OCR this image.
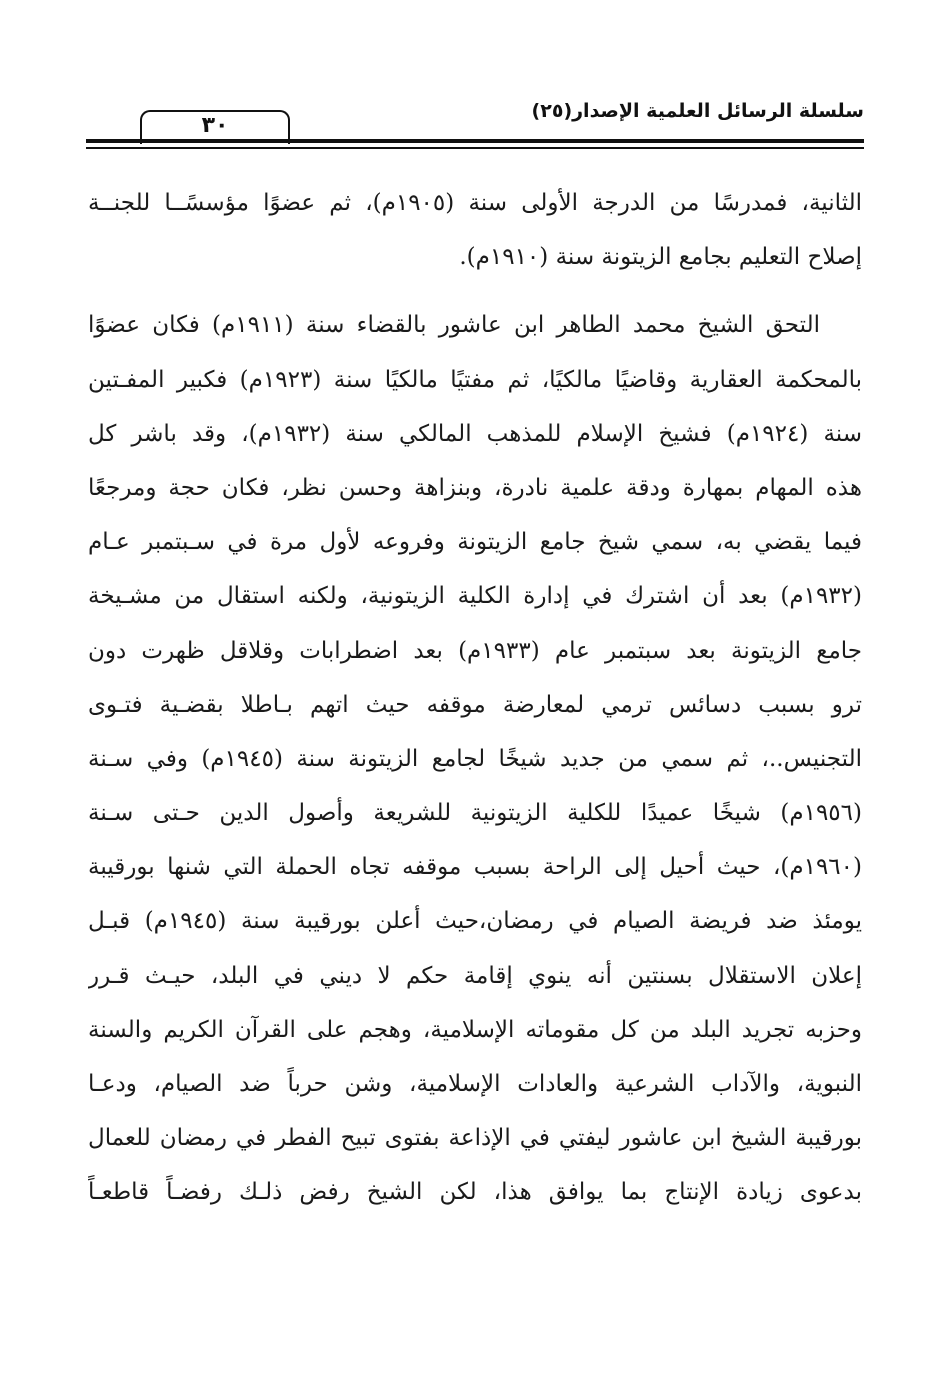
سلسلة الرسائل العلمية الإصدار(٢٥)
٣٠
الثانية، فمدرسًا من الدرجة الأولى سنة (١٩٠٥م)، ثم عضوًا مؤسسًــا للجنــة
إصلاح التعليم بجامع الزيتونة سنة (١٩١٠م).
التحق الشيخ محمد الطاهر ابن عاشور بالقضاء سنة (١٩١١م) فكان عضوًا
بالمحكمة العقارية وقاضيًا مالكيًا، ثم مفتيًا مالكيًا سنة (١٩٢٣م) فكبير المفـتين
سنة (١٩٢٤م) فشيخ الإسلام للمذهب المالكي سنة (١٩٣٢م)، وقد باشر كل
هذه المهام بمهارة ودقة علمية نادرة، وبنزاهة وحسن نظر، فكان حجة ومرجعًا
فيما يقضي به، سمي شيخ جامع الزيتونة وفروعه لأول مرة في سـبتمبر عـام
(١٩٣٢م) بعد أن اشترك في إدارة الكلية الزيتونية، ولكنه استقال من مشـيخة
جامع الزيتونة بعد سبتمبر عام (١٩٣٣م) بعد اضطرابات وقلاقل ظهرت دون
ترو بسبب دسائس ترمي لمعارضة موقفه حيث اتهم بـاطلا بقضـية فتـوى
التجنيس..، ثم سمي من جديد شيخًا لجامع الزيتونة سنة (١٩٤٥م) وفي سـنة
(١٩٥٦م) شيخًا عميدًا للكلية الزيتونية للشريعة وأصول الدين حـتى سـنة
(١٩٦٠م)، حيث أحيل إلى الراحة بسبب موقفه تجاه الحملة التي شنها بورقيبة
يومئذ ضد فريضة الصيام في رمضان،حيث أعلن بورقيبة سنة (١٩٤٥م) قبـل
إعلان الاستقلال بسنتين أنه ينوي إقامة حكم لا ديني في البلد، حيـث قـرر
وحزبه تجريد البلد من كل مقوماته الإسلامية، وهجم على القرآن الكريم والسنة
النبوية، والآداب الشرعية والعادات الإسلامية، وشن حرباً ضد الصيام، ودعـا
بورقيبة الشيخ ابن عاشور ليفتي في الإذاعة بفتوى تبيح الفطر في رمضان للعمال
بدعوى زيادة الإنتاج بما يوافق هذا، لكن الشيخ رفض ذلـك رفضـاً قاطعـاً
